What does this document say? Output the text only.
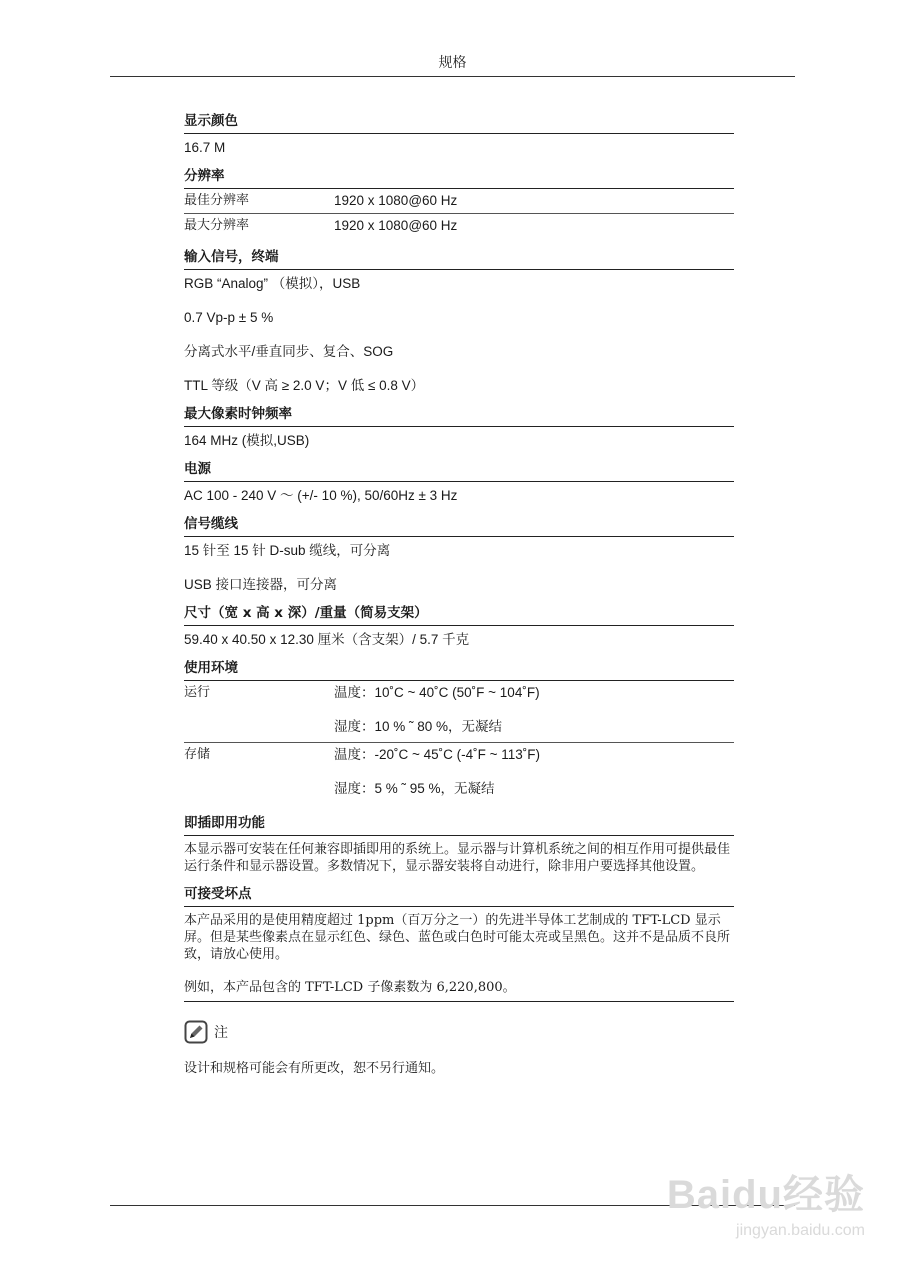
规格
显示颜色
16.7 M
分辨率
最佳分辨率	1920 x 1080@60 Hz
最大分辨率	1920 x 1080@60 Hz
输入信号，终端
RGB “Analog” （模拟），USB
0.7 Vp-p ± 5 %
分离式水平/垂直同步、复合、SOG
TTL 等级（V 高 ≥ 2.0 V；V 低 ≤ 0.8 V）
最大像素时钟频率
164 MHz (模拟,USB)
电源
AC 100 - 240 V ～ (+/- 10 %), 50/60Hz ± 3 Hz
信号缆线
15 针至 15 针 D-sub 缆线，可分离
USB 接口连接器，可分离
尺寸（宽 x 高 x 深）/重量（简易支架）
59.40 x 40.50 x 12.30 厘米（含支架）/ 5.7 千克
使用环境
运行	温度：10˚C ~ 40˚C (50˚F ~ 104˚F)
湿度：10 % ˜ 80 %，无凝结
存储	温度：-20˚C ~ 45˚C (-4˚F ~ 113˚F)
湿度：5 % ˜ 95 %，无凝结
即插即用功能
本显示器可安装在任何兼容即插即用的系统上。显示器与计算机系统之间的相互作用可提供最佳运行条件和显示器设置。多数情况下，显示器安装将自动进行，除非用户要选择其他设置。
可接受坏点
本产品采用的是使用精度超过 1ppm（百万分之一）的先进半导体工艺制成的 TFT-LCD 显示屏。但是某些像素点在显示红色、绿色、蓝色或白色时可能太亮或呈黑色。这并不是品质不良所致，请放心使用。
例如，本产品包含的 TFT-LCD 子像素数为 6,220,800。
注
设计和规格可能会有所更改，恕不另行通知。
Baidu经验
jingyan.baidu.com
